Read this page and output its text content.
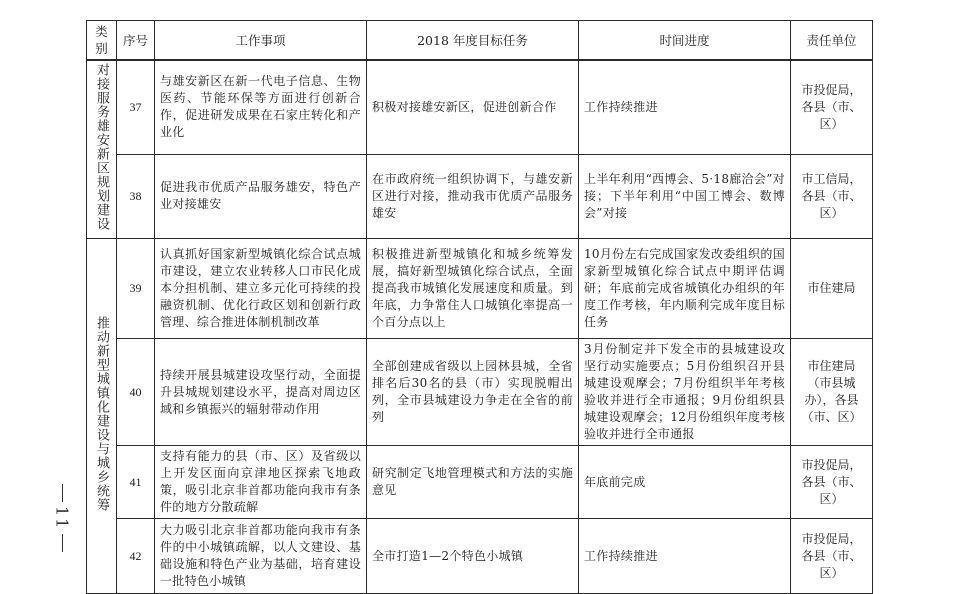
11
类别	序号	工作事项	2018 年度目标任务	时间进度	责任单位
对接服务雄安新区规划建设	37	与雄安新区在新一代电子信息、生物医药、节能环保等方面进行创新合作，促进研发成果在石家庄转化和产业化	积极对接雄安新区，促进创新合作	工作持续推进	市投促局，各县（市、区）
	38	促进我市优质产品服务雄安，特色产业对接雄安	在市政府统一组织协调下，与雄安新区进行对接，推动我市优质产品服务雄安	上半年利用“西博会、5·18廊洽会”对接；下半年利用“中国工博会、数博会”对接	市工信局，各县（市、区）
推动新型城镇化建设与城乡统筹	39	认真抓好国家新型城镇化综合试点城市建设，建立农业转移人口市民化成本分担机制、建立多元化可持续的投融资机制、优化行政区划和创新行政管理、综合推进体制机制改革	积极推进新型城镇化和城乡统筹发展，搞好新型城镇化综合试点，全面提高我市城镇化发展速度和质量。到年底，力争常住人口城镇化率提高一个百分点以上	10月份左右完成国家发改委组织的国家新型城镇化综合试点中期评估调研；年底前完成省城镇化办组织的年度工作考核，年内顺利完成年度目标任务	市住建局
	40	持续开展县城建设攻坚行动，全面提升县城规划建设水平，提高对周边区域和乡镇振兴的辐射带动作用	全部创建成省级以上园林县城，全省排名后30名的县（市）实现脱帽出列，全市县城建设力争走在全省的前列	3月份制定并下发全市的县城建设攻坚行动实施要点；5月份组织召开县城建设观摩会；7月份组织半年考核验收并进行全市通报；9月份组织县城建设观摩会；12月份组织年度考核验收并进行全市通报	市住建局（市县城办），各县（市、区）
	41	支持有能力的县（市、区）及省级以上开发区面向京津地区探索飞地政策，吸引北京非首都功能向我市有条件的地方分散疏解	研究制定飞地管理模式和方法的实施意见	年底前完成	市投促局，各县（市、区）
	42	大力吸引北京非首都功能向我市有条件的中小城镇疏解，以人文建设、基础设施和特色产业为基础，培育建设一批特色小城镇	全市打造1—2个特色小城镇	工作持续推进	市投促局，各县（市、区）
